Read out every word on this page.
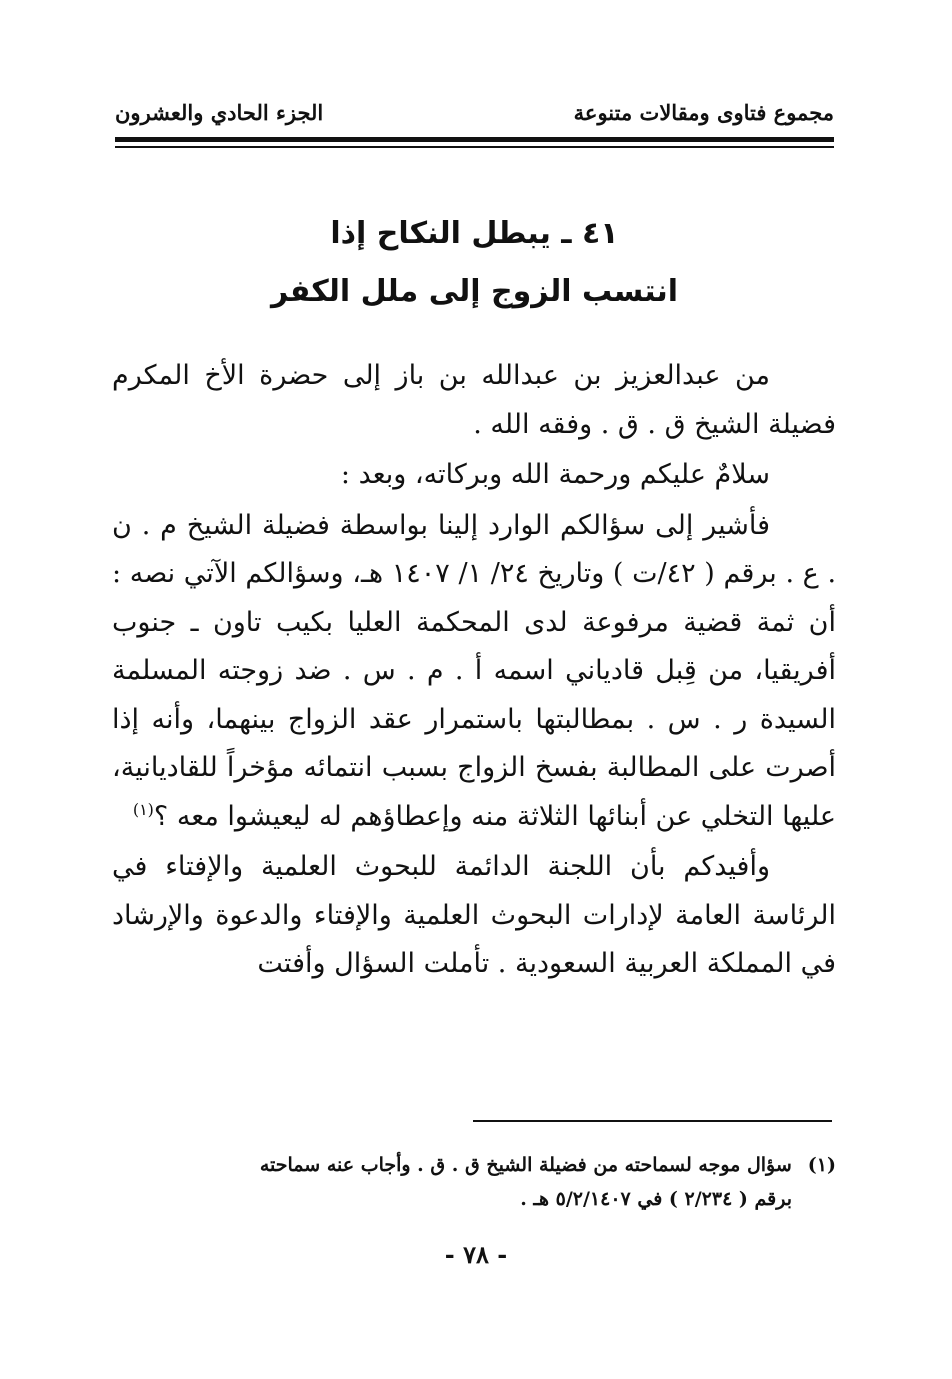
مجموع فتاوى ومقالات متنوعة
الجزء الحادي والعشرون
٤١ ـ يبطل النكاح إذا
انتسب الزوج إلى ملل الكفر

من عبدالعزيز بن عبدالله بن باز إلى حضرة الأخ المكرم فضيلة الشيخ ق . ق . وفقه الله .

سلامٌ عليكم ورحمة الله وبركاته، وبعد :

فأشير إلى سؤالكم الوارد إلينا بواسطة فضيلة الشيخ م . ن . ع . برقم ( ٤٢/ت ) وتاريخ ٢٤/ ١/ ١٤٠٧ هـ، وسؤالكم الآتي نصه : أن ثمة قضية مرفوعة لدى المحكمة العليا بكيب تاون ـ جنوب أفريقيا، من قِبل قادياني اسمه أ . م . س . ضد زوجته المسلمة السيدة ر . س . بمطالبتها باستمرار عقد الزواج بينهما، وأنه إذا أصرت على المطالبة بفسخ الزواج بسبب انتمائه مؤخراً للقاديانية، عليها التخلي عن أبنائها الثلاثة منه وإعطاؤهم له ليعيشوا معه ؟$^{(١)}$

وأفيدكم بأن اللجنة الدائمة للبحوث العلمية والإفتاء في الرئاسة العامة لإدارات البحوث العلمية والإفتاء والدعوة والإرشاد في المملكة العربية السعودية . تأملت السؤال وأفتت

(١)سؤال موجه لسماحته من فضيلة الشيخ ق . ق . وأجاب عنه سماحته
برقم ( ٢/٢٣٤ ) في ٥/٢/١٤٠٧ هـ .
- ٧٨ -
